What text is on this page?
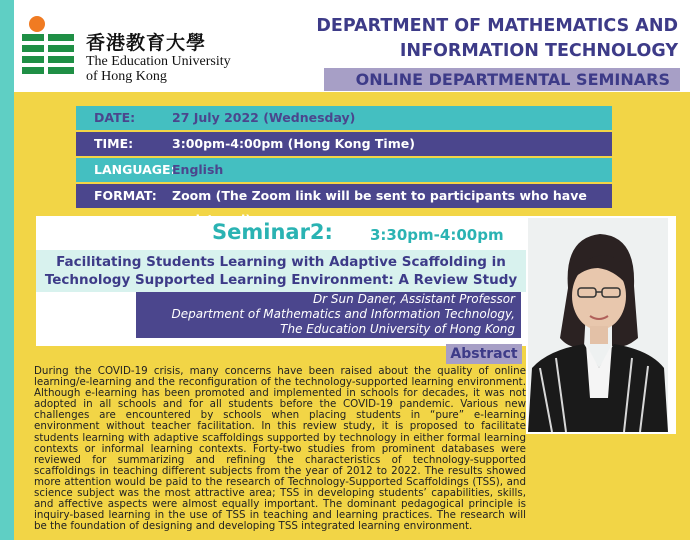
香港教育大學
The Education University
of Hong Kong
DEPARTMENT OF MATHEMATICS AND
INFORMATION TECHNOLOGY
ONLINE DEPARTMENTAL SEMINARS
DATE:	27 July 2022 (Wednesday)
TIME:	3:00pm-4:00pm (Hong Kong Time)
LANGUAGE:
English
FORMAT: Zoom (The Zoom link will be sent to participants who have
Seminar2: 3:30pm-4:00pm
Facilitating Students Learning with Adaptive Scaffolding in
Technology Supported Learning Environment: A Review Study
Dr Sun Daner, Assistant Professor
Department of Mathematics and Information Technology,
The Education University of Hong Kong
Abstract
During the COVID-19 crisis, many concerns have been raised about the quality of online learning/e-learning and the reconfiguration of the technology-supported learning environment. Although e-learning has been promoted and implemented in schools for decades, it was not adopted in all schools and for all students before the COVID-19 pandemic. Various new challenges are encountered by schools when placing students in “pure” e-learning environment without teacher facilitation. In this review study, it is proposed to facilitate students learning with adaptive scaffoldings supported by technology in either formal learning contexts or informal learning contexts. Forty-two studies from prominent databases were reviewed for summarizing and refining the characteristics of technology-supported scaffoldings in teaching different subjects from the year of 2012 to 2022. The results showed more attention would be paid to the research of Technology-Supported Scaffoldings (TSS), and science subject was the most attractive area; TSS in developing students’ capabilities, skills, and affective aspects were almost equally important. The dominant pedagogical principle is inquiry-based learning in the use of TSS in teaching and learning practices. The research will be the foundation of designing and developing TSS integrated learning environment.
